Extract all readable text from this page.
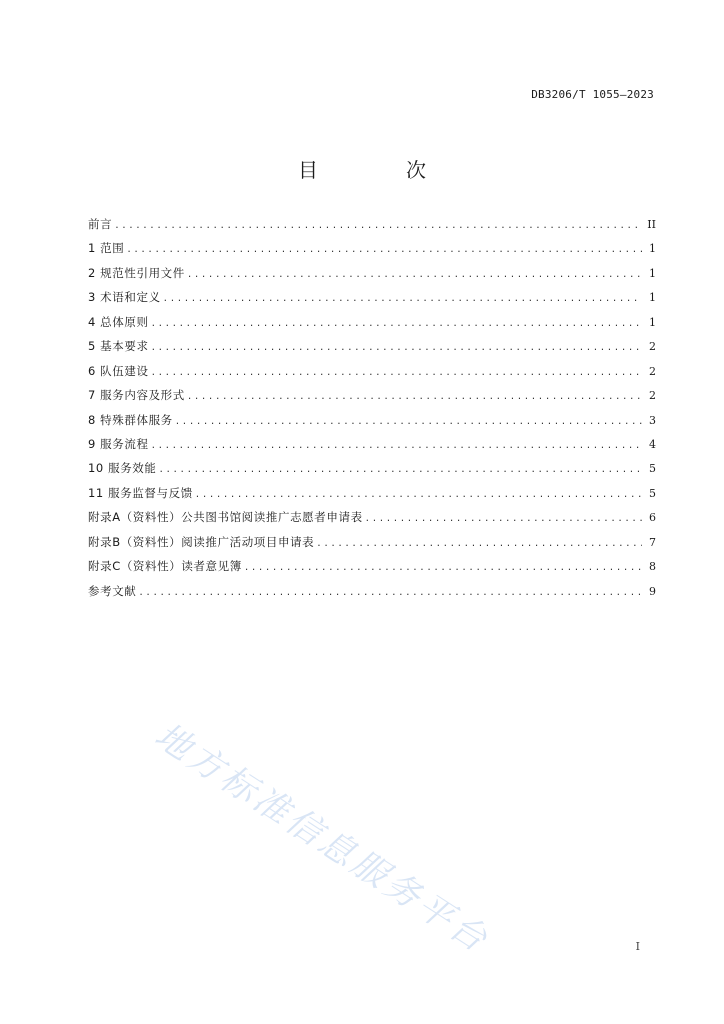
DB3206/T 1055—2023
目　次
前言 .....	II
1 范围 .....	1
2 规范性引用文件 .....	1
3 术语和定义 .....	1
4 总体原则 .....	1
5 基本要求 .....	2
6 队伍建设 .....	2
7 服务内容及形式 .....	2
8 特殊群体服务 .....	3
9 服务流程 .....	4
10 服务效能 .....	5
11 服务监督与反馈 .....	5
附录A（资料性）公共图书馆阅读推广志愿者申请表 .....	6
附录B（资料性）阅读推广活动项目申请表 .....	7
附录C（资料性）读者意见簿 .....	8
参考文献 .....	9
地方标准信息服务平台	I
